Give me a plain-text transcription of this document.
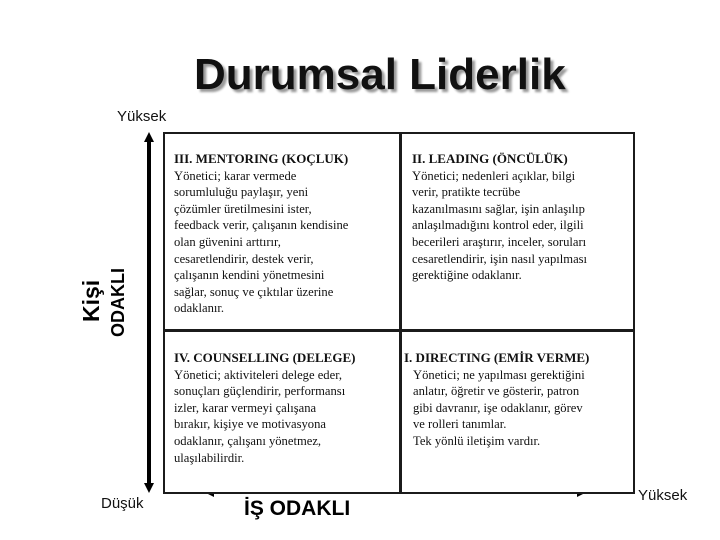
Durumsal Liderlik
Yüksek
Kişi ODAKLI
III. MENTORING (KOÇLUK)
Yönetici; karar vermede
sorumluluğu paylaşır, yeni
çözümler üretilmesini ister,
feedback verir, çalışanın kendisine
olan güvenini arttırır,
cesaretlendirir, destek verir,
çalışanın kendini yönetmesini
sağlar, sonuç ve çıktılar üzerine
odaklanır.
II. LEADING (ÖNCÜLÜK)
Yönetici; nedenleri açıklar, bilgi
verir, pratikte tecrübe
kazanılmasını sağlar, işin anlaşılıp
anlaşılmadığını kontrol eder, ilgili
becerileri araştırır, inceler, soruları
cesaretlendirir, işin nasıl yapılması
gerektiğine odaklanır.
IV. COUNSELLING (DELEGE)
Yönetici; aktiviteleri delege eder,
sonuçları güçlendirir, performansı
izler, karar vermeyi çalışana
bırakır, kişiye ve motivasyona
odaklanır, çalışanı yönetmez,
ulaşılabilirdir.
I. DIRECTING (EMİR VERME)
Yönetici; ne yapılması gerektiğini
anlatır, öğretir ve gösterir, patron
gibi davranır, işe odaklanır, görev
ve rolleri tanımlar.
Tek yönlü iletişim vardır.
Düşük	İŞ ODAKLI
Yüksek
